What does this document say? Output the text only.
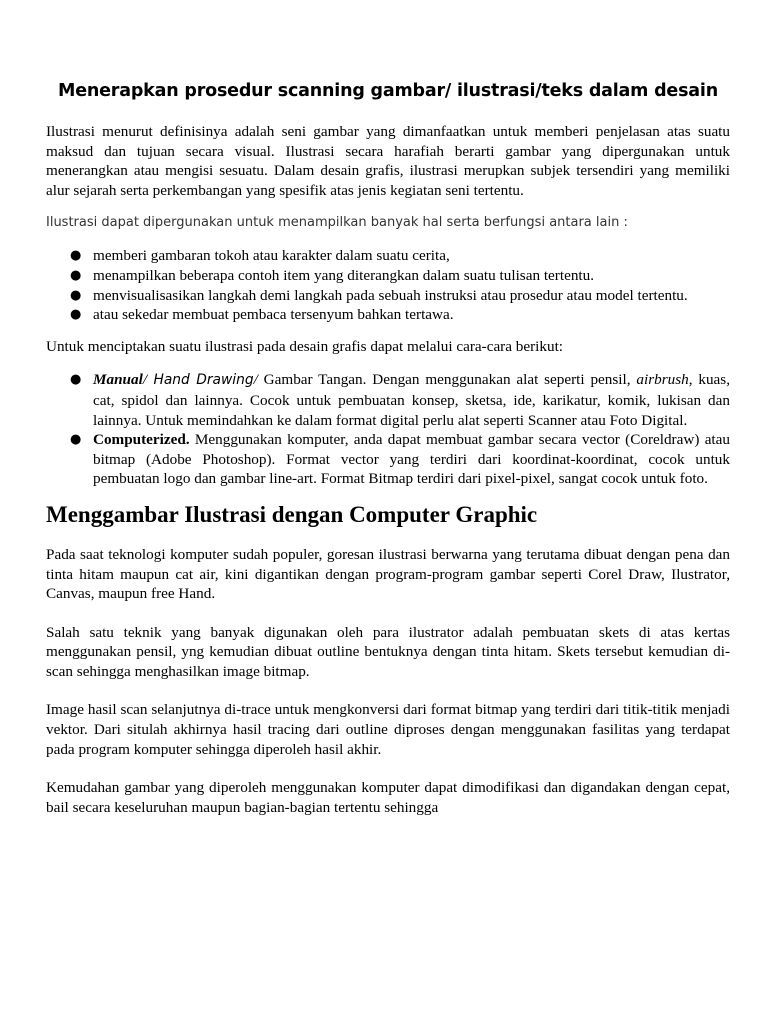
Menerapkan prosedur scanning gambar/ ilustrasi/teks dalam desain

Ilustrasi menurut definisinya adalah seni gambar yang dimanfaatkan untuk memberi penjelasan atas suatu maksud dan tujuan secara visual. Ilustrasi secara harafiah berarti gambar yang dipergunakan untuk menerangkan atau mengisi sesuatu. Dalam desain grafis, ilustrasi merupkan subjek tersendiri yang memiliki alur sejarah serta perkembangan yang spesifik atas jenis kegiatan seni tertentu.

Ilustrasi dapat dipergunakan untuk menampilkan banyak hal serta berfungsi antara lain :

● memberi gambaran tokoh atau karakter dalam suatu cerita,
● menampilkan beberapa contoh item yang diterangkan dalam suatu tulisan tertentu.
● menvisualisasikan langkah demi langkah pada sebuah instruksi atau prosedur atau model tertentu.
● atau sekedar membuat pembaca tersenyum bahkan tertawa.

Untuk menciptakan suatu ilustrasi pada desain grafis dapat melalui cara-cara berikut:

● Manual/ Hand Drawing/ Gambar Tangan. Dengan menggunakan alat seperti pensil, airbrush, kuas, cat, spidol dan lainnya. Cocok untuk pembuatan konsep, sketsa, ide, karikatur, komik, lukisan dan lainnya. Untuk memindahkan ke dalam format digital perlu alat seperti Scanner atau Foto Digital.
● Computerized. Menggunakan komputer, anda dapat membuat gambar secara vector (Coreldraw) atau bitmap (Adobe Photoshop). Format vector yang terdiri dari koordinat-koordinat, cocok untuk pembuatan logo dan gambar line-art. Format Bitmap terdiri dari pixel-pixel, sangat cocok untuk foto.
Menggambar Ilustrasi dengan Computer Graphic

Pada saat teknologi komputer sudah populer, goresan ilustrasi berwarna yang terutama dibuat dengan pena dan tinta hitam maupun cat air, kini digantikan dengan program-program gambar seperti Corel Draw, Ilustrator, Canvas, maupun free Hand.

Salah satu teknik yang banyak digunakan oleh para ilustrator adalah pembuatan skets di atas kertas menggunakan pensil, yng kemudian dibuat outline bentuknya dengan tinta hitam. Skets tersebut kemudian di-scan sehingga menghasilkan image bitmap.

Image hasil scan selanjutnya di-trace untuk mengkonversi dari format bitmap yang terdiri dari titik-titik menjadi vektor. Dari situlah akhirnya hasil tracing dari outline diproses dengan menggunakan fasilitas yang terdapat pada program komputer sehingga diperoleh hasil akhir.

Kemudahan gambar yang diperoleh menggunakan komputer dapat dimodifikasi dan digandakan dengan cepat, bail secara keseluruhan maupun bagian-bagian tertentu sehingga
